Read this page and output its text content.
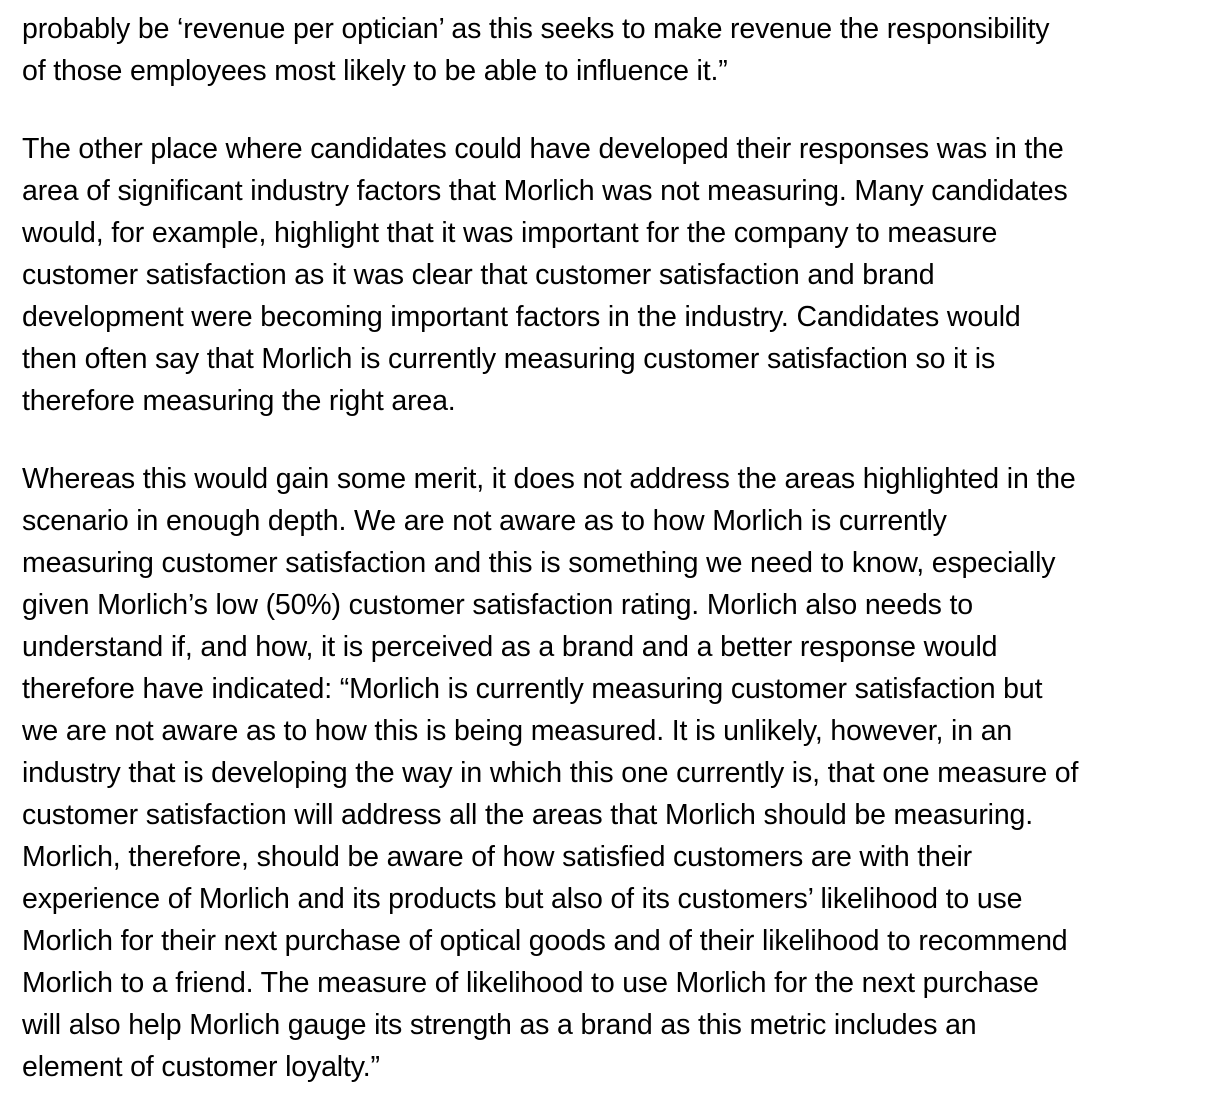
probably be ‘revenue per optician’ as this seeks to make revenue the responsibility
of those employees most likely to be able to influence it.”

The other place where candidates could have developed their responses was in the
area of significant industry factors that Morlich was not measuring. Many candidates
would, for example, highlight that it was important for the company to measure
customer satisfaction as it was clear that customer satisfaction and brand
development were becoming important factors in the industry. Candidates would
then often say that Morlich is currently measuring customer satisfaction so it is
therefore measuring the right area.

Whereas this would gain some merit, it does not address the areas highlighted in the
scenario in enough depth. We are not aware as to how Morlich is currently
measuring customer satisfaction and this is something we need to know, especially
given Morlich’s low (50%) customer satisfaction rating. Morlich also needs to
understand if, and how, it is perceived as a brand and a better response would
therefore have indicated: “Morlich is currently measuring customer satisfaction but
we are not aware as to how this is being measured. It is unlikely, however, in an
industry that is developing the way in which this one currently is, that one measure of
customer satisfaction will address all the areas that Morlich should be measuring.
Morlich, therefore, should be aware of how satisfied customers are with their
experience of Morlich and its products but also of its customers’ likelihood to use
Morlich for their next purchase of optical goods and of their likelihood to recommend
Morlich to a friend. The measure of likelihood to use Morlich for the next purchase
will also help Morlich gauge its strength as a brand as this metric includes an
element of customer loyalty.”
